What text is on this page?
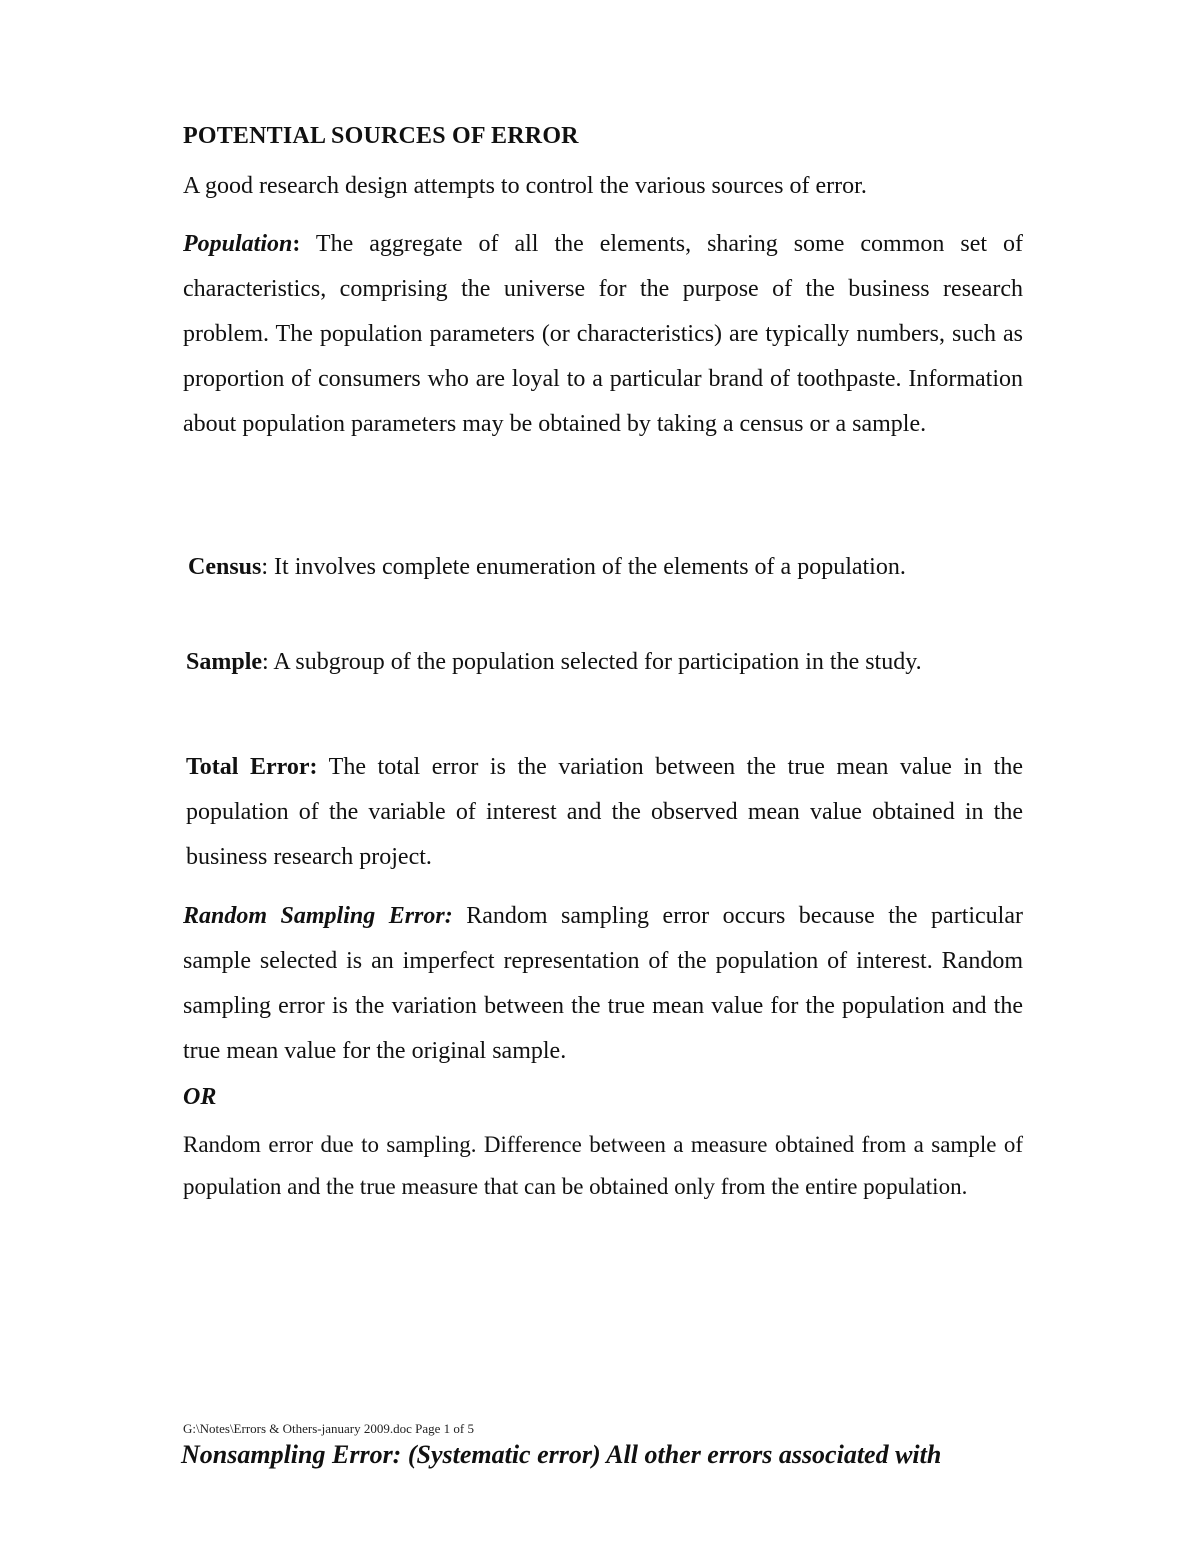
POTENTIAL SOURCES OF ERROR
A good research design attempts to control the various sources of error.
Population: The aggregate of all the elements, sharing some common set of characteristics, comprising the universe for the purpose of the business research problem. The population parameters (or characteristics) are typically numbers, such as proportion of consumers who are loyal to a particular brand of toothpaste. Information about population parameters may be obtained by taking a census or a sample.
Census: It involves complete enumeration of the elements of a population.
Sample: A subgroup of the population selected for participation in the study.
Total Error: The total error is the variation between the true mean value in the population of the variable of interest and the observed mean value obtained in the business research project.
Random Sampling Error: Random sampling error occurs because the particular sample selected is an imperfect representation of the population of interest. Random sampling error is the variation between the true mean value for the population and the true mean value for the original sample.
OR
Random error due to sampling. Difference between a measure obtained from a sample of population and the true measure that can be obtained only from the entire population.
G:\Notes\Errors & Others-january 2009.doc Page 1 of 5
Nonsampling Error: (Systematic error) All other errors associated with
